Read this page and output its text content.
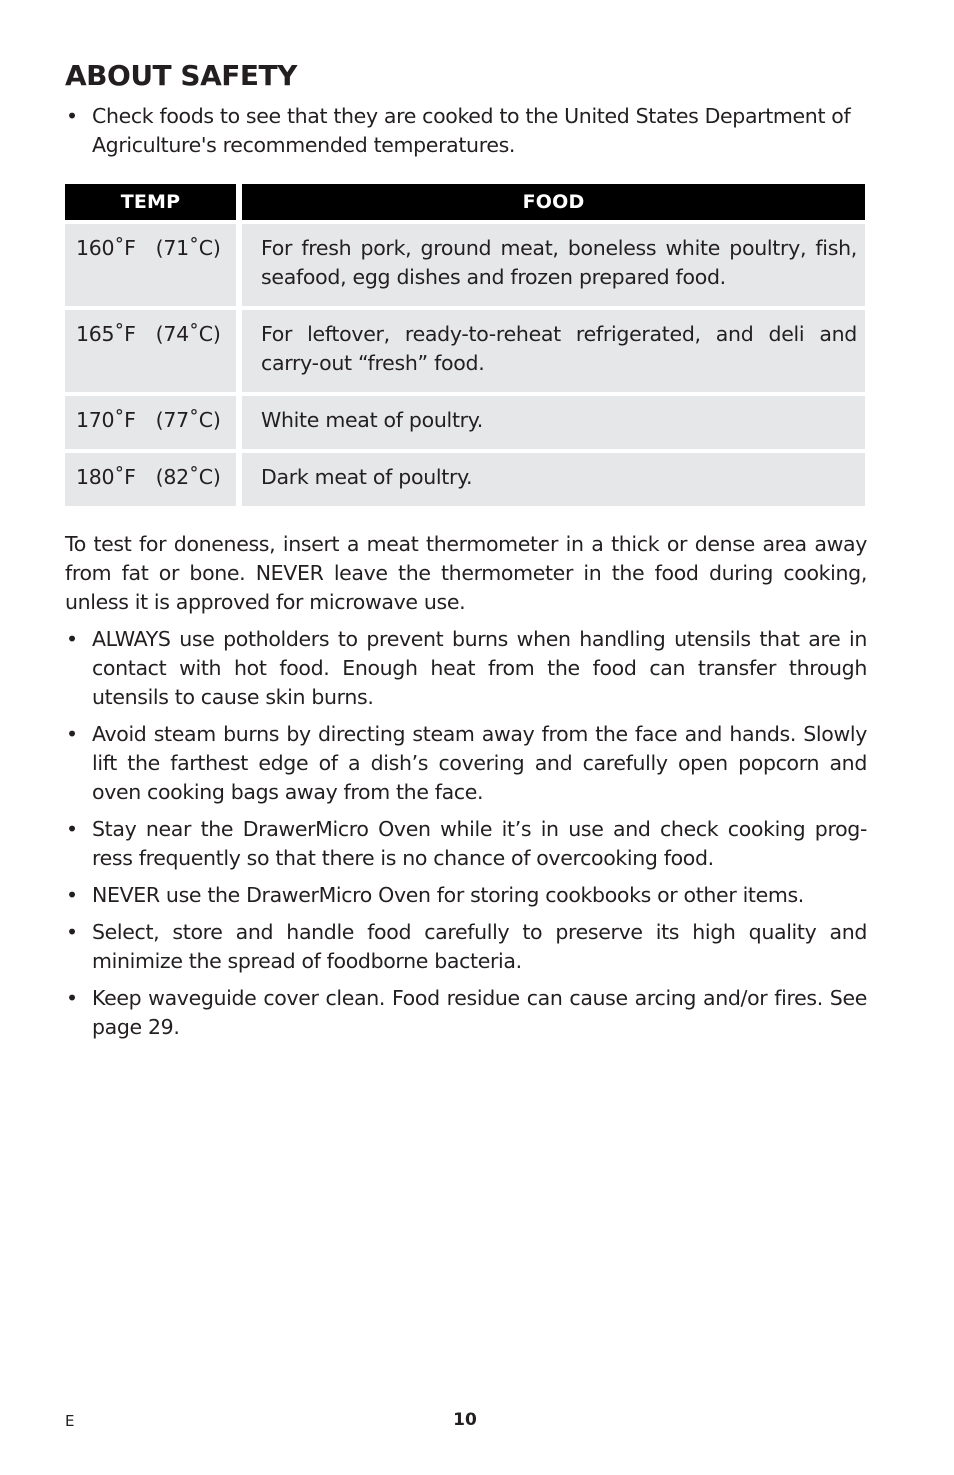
ABOUT SAFETY
• Check foods to see that they are cooked to the United States Department of Agriculture's recommended temperatures.
TEMP		FOOD

160˚F (71˚C)		For fresh pork, ground meat, boneless white poultry, fish, seafood, egg dishes and frozen prepared food.

165˚F (74˚C)		For leftover, ready-to-reheat refrigerated, and deli and carry-out “fresh” food.

170˚F (77˚C)		White meat of poultry.

180˚F (82˚C)		Dark meat of poultry.

To test for doneness, insert a meat thermometer in a thick or dense area away from fat or bone. NEVER leave the thermometer in the food during cooking, unless it is approved for microwave use.

• ALWAYS use potholders to prevent burns when handling utensils that are in contact with hot food. Enough heat from the food can transfer through utensils to cause skin burns.
• Avoid steam burns by directing steam away from the face and hands. Slowly lift the farthest edge of a dish’s covering and carefully open popcorn and oven cooking bags away from the face.
• Stay near the DrawerMicro Oven while it’s in use and check cooking prog-ress frequently so that there is no chance of overcooking food.
• NEVER use the DrawerMicro Oven for storing cookbooks or other items.
• Select, store and handle food carefully to preserve its high quality and minimize the spread of foodborne bacteria.
• Keep waveguide cover clean. Food residue can cause arcing and/or fires. See page 29.
E	10
